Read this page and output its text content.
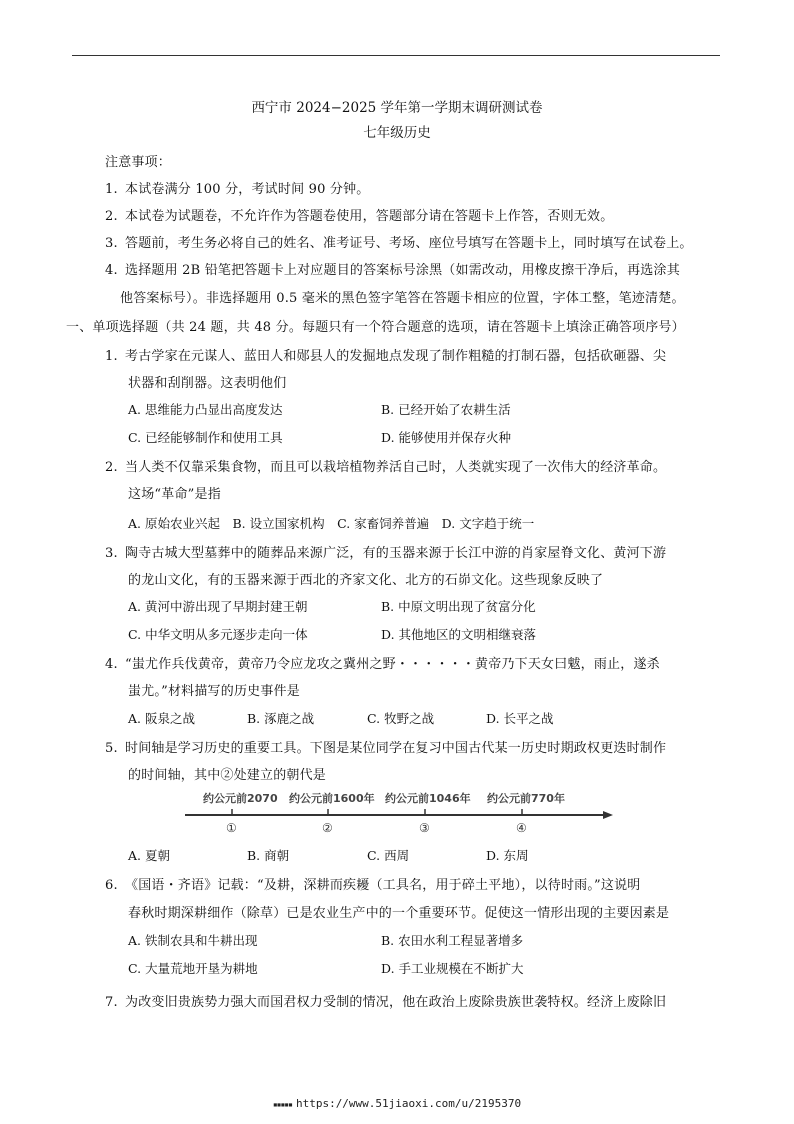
西宁市 2024−2025 学年第一学期末调研测试卷
七年级历史
注意事项：
1. 本试卷满分 100 分，考试时间 90 分钟。
2. 本试卷为试题卷，不允许作为答题卷使用，答题部分请在答题卡上作答，否则无效。
3. 答题前，考生务必将自己的姓名、准考证号、考场、座位号填写在答题卡上，同时填写在试卷上。
4. 选择题用 2B 铅笔把答题卡上对应题目的答案标号涂黑（如需改动，用橡皮擦干净后，再选涂其
他答案标号）。非选择题用 0.5 毫米的黑色签字笔答在答题卡相应的位置，字体工整，笔迹清楚。
一、单项选择题（共 24 题，共 48 分。每题只有一个符合题意的选项，请在答题卡上填涂正确答项序号）
1. 考古学家在元谋人、蓝田人和郧县人的发掘地点发现了制作粗糙的打制石器，包括砍砸器、尖
状器和刮削器。这表明他们
A. 思维能力凸显出高度发达	B. 已经开始了农耕生活
C. 已经能够制作和使用工具	D. 能够使用并保存火种
2. 当人类不仅靠采集食物，而且可以栽培植物养活自己时，人类就实现了一次伟大的经济革命。
这场“革命”是指
A. 原始农业兴起　B. 设立国家机构　C. 家畜饲养普遍　D. 文字趋于统一
3. 陶寺古城大型墓葬中的随葬品来源广泛，有的玉器来源于长江中游的肖家屋脊文化、黄河下游
的龙山文化，有的玉器来源于西北的齐家文化、北方的石峁文化。这些现象反映了
A. 黄河中游出现了早期封建王朝	B. 中原文明出现了贫富分化
C. 中华文明从多元逐步走向一体	D. 其他地区的文明相继衰落
4. “蚩尤作兵伐黄帝，黄帝乃令应龙攻之冀州之野・・・・・・黄帝乃下天女曰魃，雨止，遂杀
蚩尤。”材料描写的历史事件是
A. 阪泉之战	B. 涿鹿之战	C. 牧野之战	D. 长平之战
5. 时间轴是学习历史的重要工具。下图是某位同学在复习中国古代某一历史时期政权更迭时制作
的时间轴，其中②处建立的朝代是
约公元前2070 约公元前1600年 约公元前1046年 约公元前770年
①	②	③	④
A. 夏朝	B. 商朝	C. 西周	D. 东周
6. 《国语・齐语》记载：“及耕，深耕而疾耰（工具名，用于碎土平地），以待时雨。”这说明
春秋时期深耕细作（除草）已是农业生产中的一个重要环节。促使这一情形出现的主要因素是
A. 铁制农具和牛耕出现	B. 农田水利工程显著增多
C. 大量荒地开垦为耕地	D. 手工业规模在不断扩大
7. 为改变旧贵族势力强大而国君权力受制的情况，他在政治上废除贵族世袭特权。经济上废除旧
▪▪▪▪▪ https://www.51jiaoxi.com/u/2195370
